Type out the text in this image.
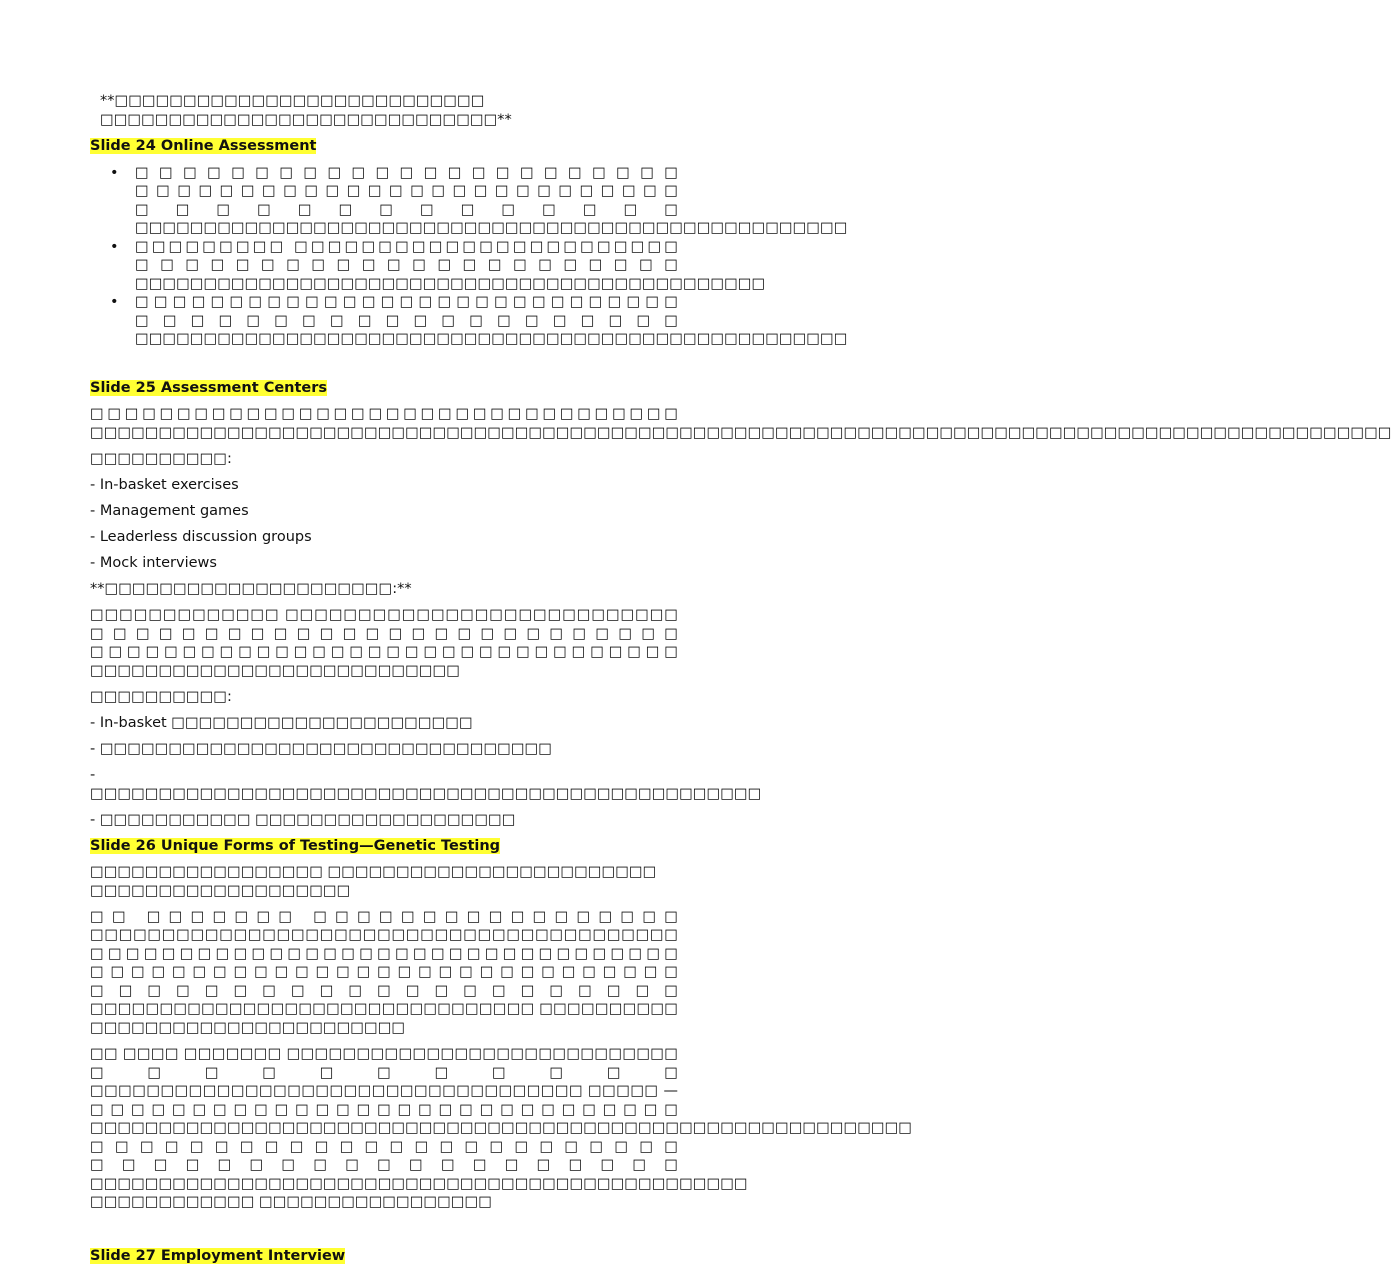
**□□□□□□□□□□□□□□□□□□□□□□□□□□□ □□□□□□□□□□□□□□□□□□□□□□□□□□□□□**

Slide 24 Online Assessment

• □□□□□□□□□□□□□□□□□□□□□□□ □□□□□□□□□□□□□□□□□□□□□□□□□□ □□□□□□□□□□□□□□ □□□□□□□□□□□□□□□□□□□□□□□□□□□□□□□□□□□□□□□□□□□□□□□□□□□□
• □□□□□□□□□ □□□□□□□□□□□□□□□□□□□□□□□ □□□□□□□□□□□□□□□□□□□□□□ □□□□□□□□□□□□□□□□□□□□□□□□□□□□□□□□□□□□□□□□□□□□□□
• □□□□□□□□□□□□□□□□□□□□□□□□□□□□□ □□□□□□□□□□□□□□□□□□□□ □□□□□□□□□□□□□□□□□□□□□□□□□□□□□□□□□□□□□□□□□□□□□□□□□□□□

Slide 25 Assessment Centers

□□□□□□□□□□□□□□□□□□□□□□□□□□□□□□□□□□ □□□□□□□□□□□□□□□□□□□□□□□□□□□□□□□□□□□□□□□□□□□□□□□□□□□□□□□□□□□□□□□□□□□□□□□□□□□□□□□□□□□□□□□□□□□□□□□

□□□□□□□□□□:

- In-basket exercises

- Management games

- Leaderless discussion groups

- Mock interviews

**□□□□□□□□□□□□□□□□□□□□□:**

□□□□□□□□□□□□□ □□□□□□□□□□□□□□□□□□□□□□□□□□□ □□□□□□□□□□□□□□□□□□□□□□□□□□ □□□□□□□□□□□□□□□□□□□□□□□□□□□□□□□□ □□□□□□□□□□□□□□□□□□□□□□□□□□□

□□□□□□□□□□:

- In-basket □□□□□□□□□□□□□□□□□□□□□□

- □□□□□□□□□□□□□□□□□□□□□□□□□□□□□□□□□

- □□□□□□□□□□□□□□□□□□□□□□□□□□□□□□□□□□□□□□□□□□□□□□□□□

- □□□□□□□□□□□ □□□□□□□□□□□□□□□□□□□

Slide 26 Unique Forms of Testing—Genetic Testing

□□□□□□□□□□□□□□□□□ □□□□□□□□□□□□□□□□□□□□□□□□ □□□□□□□□□□□□□□□□□□□

□□ □□□□□□□ □□□□□□□□□□□□□□□□□ □□□□□□□□□□□□□□□□□□□□□□□□□□□□□□□□□□□□□□□□□ □□□□□□□□□□□□□□□□□□□□□□□□□□□□□□□□□ □□□□□□□□□□□□□□□□□□□□□□□□□□□□□ □□□□□□□□□□□□□□□□□□□□□ □□□□□□□□□□□□□□□□□□□□□□□□□□□□□□□□ □□□□□□□□□□ □□□□□□□□□□□□□□□□□□□□□□□

□□ □□□□ □□□□□□□ □□□□□□□□□□□□□□□□□□□□□□□□□□□□ □□□□□□□□□□□ □□□□□□□□□□□□□□□□□□□□□□□□□□□□□□□□□□□ □□□□□ — □□□□□□□□□□□□□□□□□□□□□□□□□□□□□ □□□□□□□□□□□□□□□□□□□□□□□□□□□□□□□□□□□□□□□□□□□□□□□□□□□□□□□□□□□□ □□□□□□□□□□□□□□□□□□□□□□□□ □□□□□□□□□□□□□□□□□□□ □□□□□□□□□□□□□□□□□□□□□□□□□□□□□□□□□□□□□□□□□□□□□□□□ □□□□□□□□□□□□ □□□□□□□□□□□□□□□□□

Slide 27 Employment Interview
